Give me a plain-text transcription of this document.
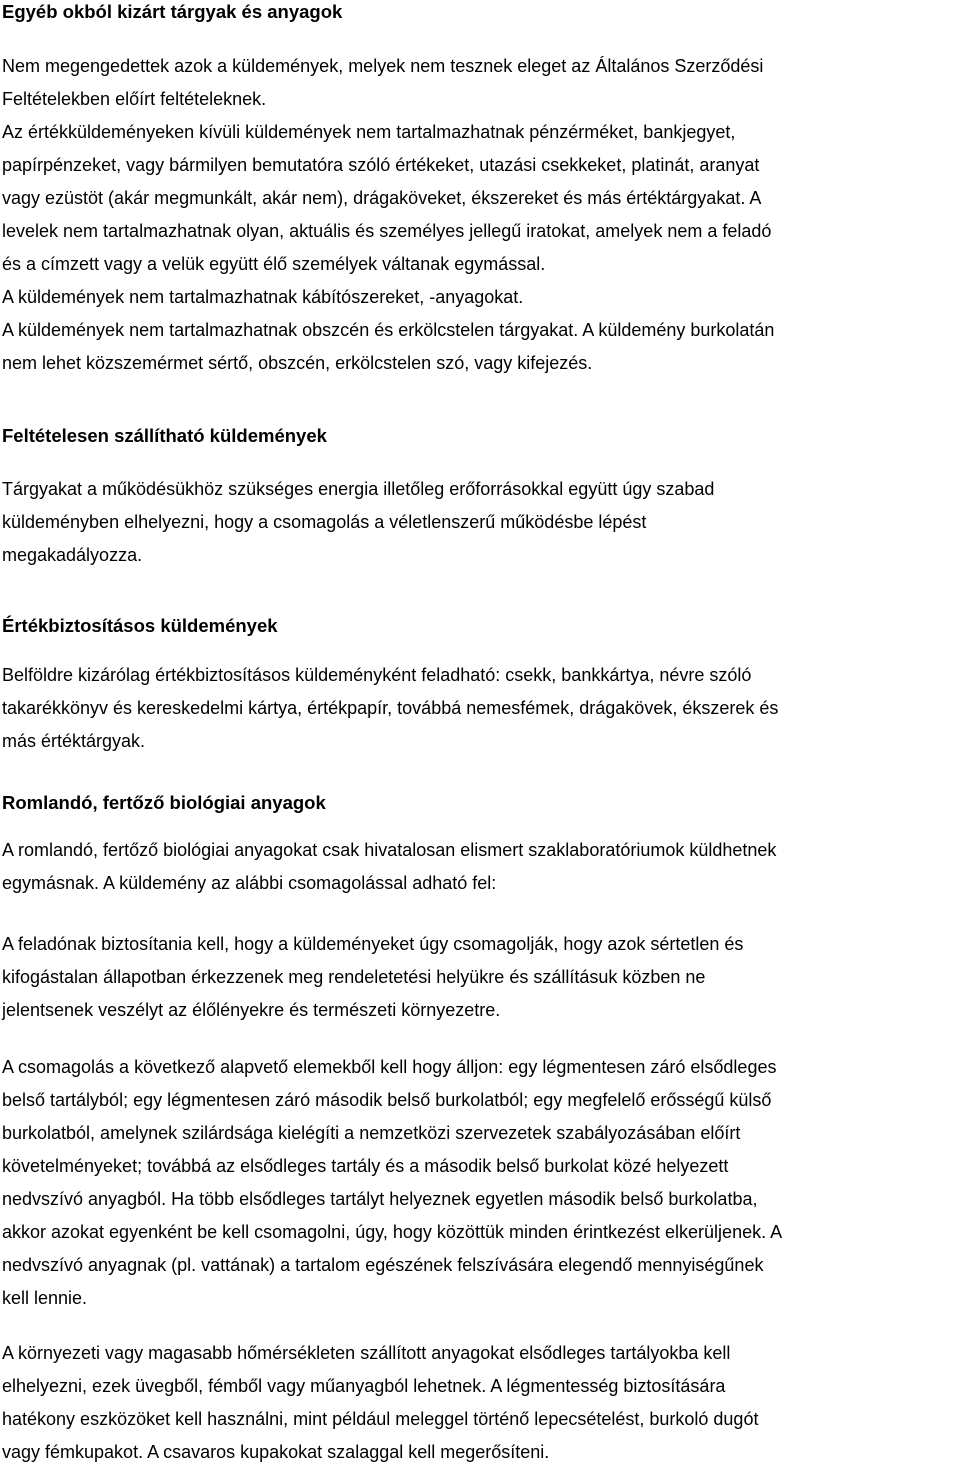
Egyéb okból kizárt tárgyak és anyagok
Nem megengedettek azok a küldemények, melyek nem tesznek eleget az Általános Szerződési
Feltételekben előírt feltételeknek.
Az értékküldeményeken kívüli küldemények nem tartalmazhatnak pénzérméket, bankjegyet,
papírpénzeket, vagy bármilyen bemutatóra szóló értékeket, utazási csekkeket, platinát, aranyat
vagy ezüstöt (akár megmunkált, akár nem), drágaköveket, ékszereket és más értéktárgyakat. A
levelek nem tartalmazhatnak olyan, aktuális és személyes jellegű iratokat, amelyek nem a feladó
és a címzett vagy a velük együtt élő személyek váltanak egymással.
A küldemények nem tartalmazhatnak kábítószereket, -anyagokat.
A küldemények nem tartalmazhatnak obszcén és erkölcstelen tárgyakat. A küldemény burkolatán
nem lehet közszemérmet sértő, obszcén, erkölcstelen szó, vagy kifejezés.
Feltételesen szállítható küldemények
Tárgyakat a működésükhöz szükséges energia illetőleg erőforrásokkal együtt úgy szabad
küldeményben elhelyezni, hogy a csomagolás a véletlenszerű működésbe lépést
megakadályozza.
Értékbiztosításos küldemények
Belföldre kizárólag értékbiztosításos küldeményként feladható: csekk, bankkártya, névre szóló
takarékkönyv és kereskedelmi kártya, értékpapír, továbbá nemesfémek, drágakövek, ékszerek és
más értéktárgyak.
Romlandó, fertőző biológiai anyagok
A romlandó, fertőző biológiai anyagokat csak hivatalosan elismert szaklaboratóriumok küldhetnek
egymásnak. A küldemény az alábbi csomagolással adható fel:
A feladónak biztosítania kell, hogy a küldeményeket úgy csomagolják, hogy azok sértetlen és
kifogástalan állapotban érkezzenek meg rendeletetési helyükre és szállításuk közben ne
jelentsenek veszélyt az élőlényekre és természeti környezetre.
A csomagolás a következő alapvető elemekből kell hogy álljon: egy légmentesen záró elsődleges
belső tartályból; egy légmentesen záró második belső burkolatból; egy megfelelő erősségű külső
burkolatból, amelynek szilárdsága kielégíti a nemzetközi szervezetek szabályozásában előírt
követelményeket; továbbá az elsődleges tartály és a második belső burkolat közé helyezett
nedvszívó anyagból. Ha több elsődleges tartályt helyeznek egyetlen második belső burkolatba,
akkor azokat egyenként be kell csomagolni, úgy, hogy közöttük minden érintkezést elkerüljenek. A
nedvszívó anyagnak (pl. vattának) a tartalom egészének felszívására elegendő mennyiségűnek
kell lennie.
A környezeti vagy magasabb hőmérsékleten szállított anyagokat elsődleges tartályokba kell
elhelyezni, ezek üvegből, fémből vagy műanyagból lehetnek. A légmentesség biztosítására
hatékony eszközöket kell használni, mint például meleggel történő lepecsételést, burkoló dugót
vagy fémkupakot. A csavaros kupakokat szalaggal kell megerősíteni.
